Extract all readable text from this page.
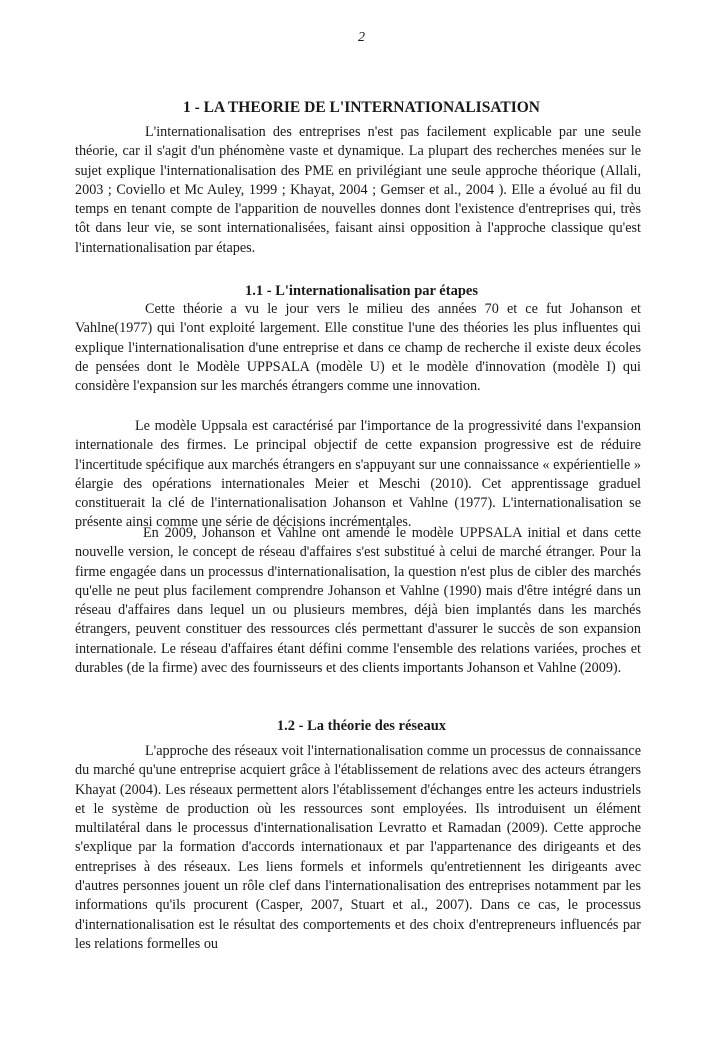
2
1 - LA THEORIE DE L'INTERNATIONALISATION

L'internationalisation des entreprises n'est pas facilement explicable par une seule théorie, car il s'agit d'un phénomène vaste et dynamique. La plupart des recherches menées sur le sujet explique l'internationalisation des PME en privilégiant une seule approche théorique (Allali, 2003 ; Coviello et Mc Auley, 1999 ; Khayat, 2004 ; Gemser et al., 2004 ). Elle a évolué au fil du temps en tenant compte de l'apparition de nouvelles donnes dont l'existence d'entreprises qui, très tôt dans leur vie, se sont internationalisées, faisant ainsi opposition à l'approche classique qu'est l'internationalisation par étapes.

1.1 - L'internationalisation par étapes

Cette théorie a vu le jour vers le milieu des années 70 et ce fut Johanson et Vahlne(1977) qui l'ont exploité largement. Elle constitue l'une des théories les plus influentes qui explique l'internationalisation d'une entreprise et dans ce champ de recherche il existe deux écoles de pensées dont le Modèle UPPSALA (modèle U) et le modèle d'innovation (modèle I) qui considère l'expansion sur les marchés étrangers comme une innovation.

Le modèle Uppsala est caractérisé par l'importance de la progressivité dans l'expansion internationale des firmes. Le principal objectif de cette expansion progressive est de réduire l'incertitude spécifique aux marchés étrangers en s'appuyant sur une connaissance « expérientielle » élargie des opérations internationales Meier et Meschi (2010). Cet apprentissage graduel constituerait la clé de l'internationalisation Johanson et Vahlne (1977). L'internationalisation se présente ainsi comme une série de décisions incrémentales.

En 2009, Johanson et Vahlne ont amendé le modèle UPPSALA initial et dans cette nouvelle version, le concept de réseau d'affaires s'est substitué à celui de marché étranger. Pour la firme engagée dans un processus d'internationalisation, la question n'est plus de cibler des marchés qu'elle ne peut plus facilement comprendre Johanson et Vahlne (1990) mais d'être intégré dans un réseau d'affaires dans lequel un ou plusieurs membres, déjà bien implantés dans les marchés étrangers, peuvent constituer des ressources clés permettant d'assurer le succès de son expansion internationale. Le réseau d'affaires étant défini comme l'ensemble des relations variées, proches et durables (de la firme) avec des fournisseurs et des clients importants Johanson et Vahlne (2009).

1.2 - La théorie des réseaux

L'approche des réseaux voit l'internationalisation comme un processus de connaissance du marché qu'une entreprise acquiert grâce à l'établissement de relations avec des acteurs étrangers Khayat (2004). Les réseaux permettent alors l'établissement d'échanges entre les acteurs industriels et le système de production où les ressources sont employées. Ils introduisent un élément multilatéral dans le processus d'internationalisation Levratto et Ramadan (2009). Cette approche s'explique par la formation d'accords internationaux et par l'appartenance des dirigeants et des entreprises à des réseaux. Les liens formels et informels qu'entretiennent les dirigeants avec d'autres personnes jouent un rôle clef dans l'internationalisation des entreprises notamment par les informations qu'ils procurent (Casper, 2007, Stuart et al., 2007). Dans ce cas, le processus d'internationalisation est le résultat des comportements et des choix d'entrepreneurs influencés par les relations formelles ou
